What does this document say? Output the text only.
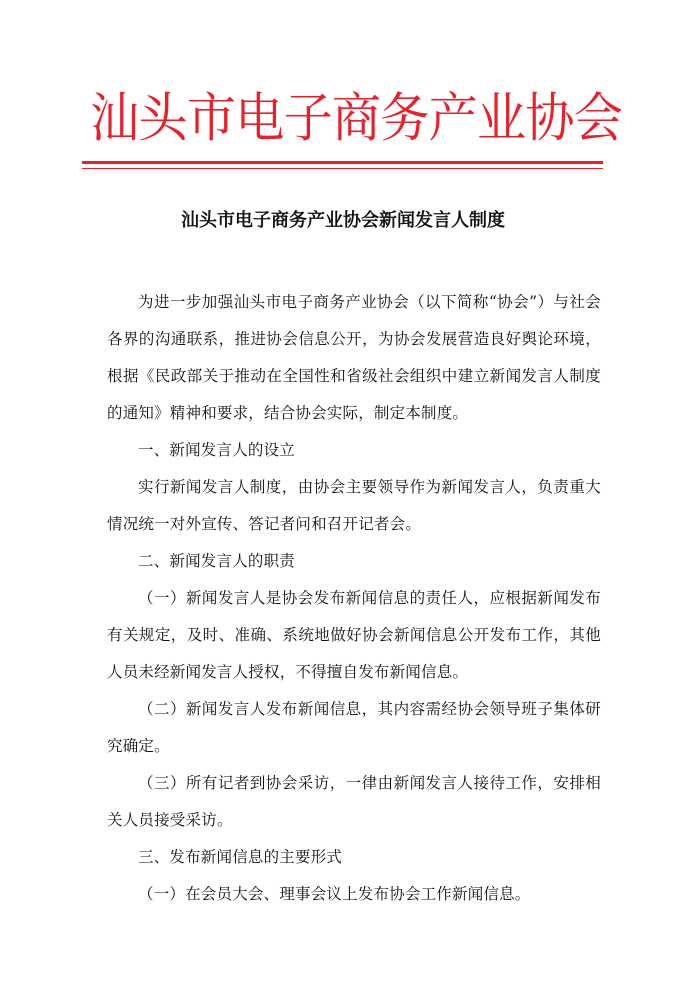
汕头市电子商务产业协会
汕头市电子商务产业协会新闻发言人制度

为进一步加强汕头市电子商务产业协会（以下简称“协会”）与社会各界的沟通联系，推进协会信息公开，为协会发展营造良好舆论环境，根据《民政部关于推动在全国性和省级社会组织中建立新闻发言人制度的通知》精神和要求，结合协会实际，制定本制度。

一、新闻发言人的设立

实行新闻发言人制度，由协会主要领导作为新闻发言人，负责重大情况统一对外宣传、答记者问和召开记者会。

二、新闻发言人的职责

（一）新闻发言人是协会发布新闻信息的责任人，应根据新闻发布有关规定，及时、准确、系统地做好协会新闻信息公开发布工作，其他人员未经新闻发言人授权，不得擅自发布新闻信息。

（二）新闻发言人发布新闻信息，其内容需经协会领导班子集体研究确定。

（三）所有记者到协会采访，一律由新闻发言人接待工作，安排相关人员接受采访。

三、发布新闻信息的主要形式

（一）在会员大会、理事会议上发布协会工作新闻信息。
